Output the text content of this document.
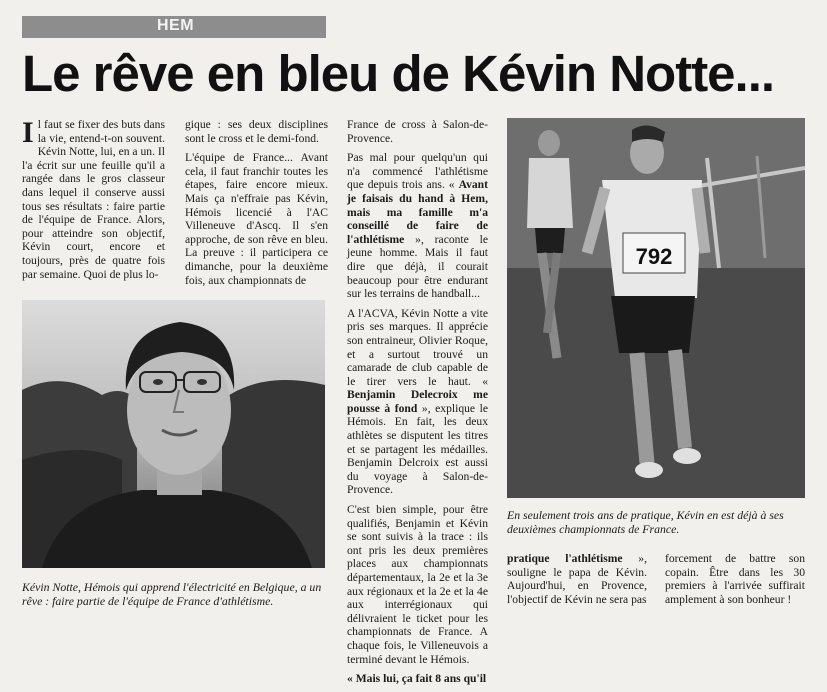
HEM
Le rêve en bleu de Kévin Notte...

Il faut se fixer des buts dans la vie, entend-t-on souvent. Kévin Notte, lui, en a un. Il l'a écrit sur une feuille qu'il a rangée dans le gros classeur dans lequel il conserve aussi tous ses résultats : faire partie de l'équipe de France. Alors, pour atteindre son objectif, Kévin court, encore et toujours, près de quatre fois par semaine. Quoi de plus lo-

gique : ses deux disciplines sont le cross et le demi-fond.

L'équipe de France... Avant cela, il faut franchir toutes les étapes, faire encore mieux. Mais ça n'effraie pas Kévin, Hémois licencié à l'AC Villeneuve d'Ascq. Il s'en approche, de son rêve en bleu. La preuve : il participera ce dimanche, pour la deuxième fois, aux championnats de

France de cross à Salon-de-Provence.

Pas mal pour quelqu'un qui n'a commencé l'athlétisme que depuis trois ans. « Avant je faisais du hand à Hem, mais ma famille m'a conseillé de faire de l'athlétisme », raconte le jeune homme. Mais il faut dire que déjà, il courait beaucoup pour être endurant sur les terrains de handball...

A l'ACVA, Kévin Notte a vite pris ses marques. Il apprécie son entraineur, Olivier Roque, et a surtout trouvé un camarade de club capable de le tirer vers le haut. « Benjamin Delecroix me pousse à fond », explique le Hémois. En fait, les deux athlètes se disputent les titres et se partagent les médailles. Benjamin Delcroix est aussi du voyage à Salon-de-Provence.

C'est bien simple, pour être qualifiés, Benjamin et Kévin se sont suivis à la trace : ils ont pris les deux premières places aux championnats départementaux, la 2e et la 3e aux régionaux et la 2e et la 4e aux interrégionaux qui délivraient le ticket pour les championnats de France. A chaque fois, le Villeneuvois a terminé devant le Hémois.

« Mais lui, ça fait 8 ans qu'il

pratique l'athlétisme », souligne le papa de Kévin. Aujourd'hui, en Provence, l'objectif de Kévin ne sera pas

forcement de battre son copain. Être dans les 30 premiers à l'arrivée suffirait amplement à son bonheur !

Kévin Notte, Hémois qui apprend l'électricité en Belgique, a un rêve : faire partie de l'équipe de France d'athlétisme.
792
En seulement trois ans de pratique, Kévin en est déjà à ses deuxièmes championnats de France.
